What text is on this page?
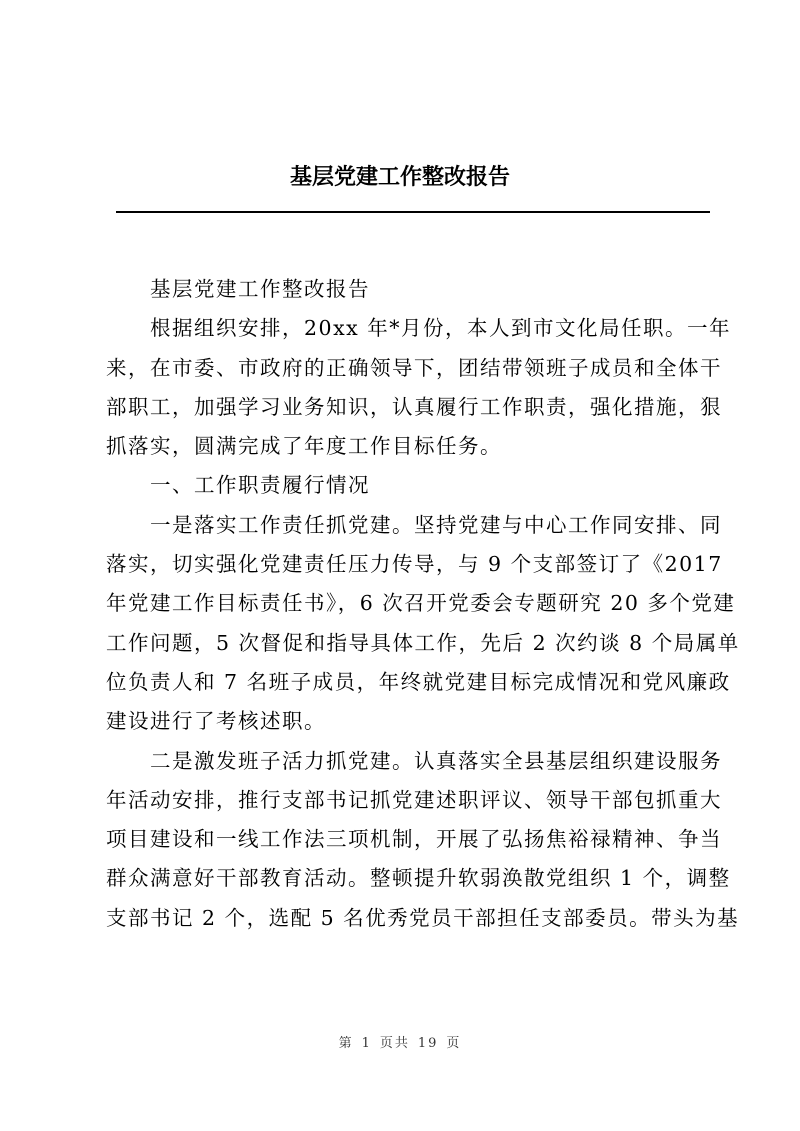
基层党建工作整改报告
　　基层党建工作整改报告
　　根据组织安排，20xx 年*月份，本人到市文化局任职。一年
来，在市委、市政府的正确领导下，团结带领班子成员和全体干
部职工，加强学习业务知识，认真履行工作职责，强化措施，狠
抓落实，圆满完成了年度工作目标任务。
　　一、工作职责履行情况
　　一是落实工作责任抓党建。坚持党建与中心工作同安排、同
落实，切实强化党建责任压力传导，与 9 个支部签订了《2017
年党建工作目标责任书》，6 次召开党委会专题研究 20 多个党建
工作问题，5 次督促和指导具体工作，先后 2 次约谈 8 个局属单
位负责人和 7 名班子成员，年终就党建目标完成情况和党风廉政
建设进行了考核述职。
　　二是激发班子活力抓党建。认真落实全县基层组织建设服务
年活动安排，推行支部书记抓党建述职评议、领导干部包抓重大
项目建设和一线工作法三项机制，开展了弘扬焦裕禄精神、争当
群众满意好干部教育活动。整顿提升软弱涣散党组织 1 个，调整
支部书记 2 个，选配 5 名优秀党员干部担任支部委员。带头为基
第 1 页共 19 页
